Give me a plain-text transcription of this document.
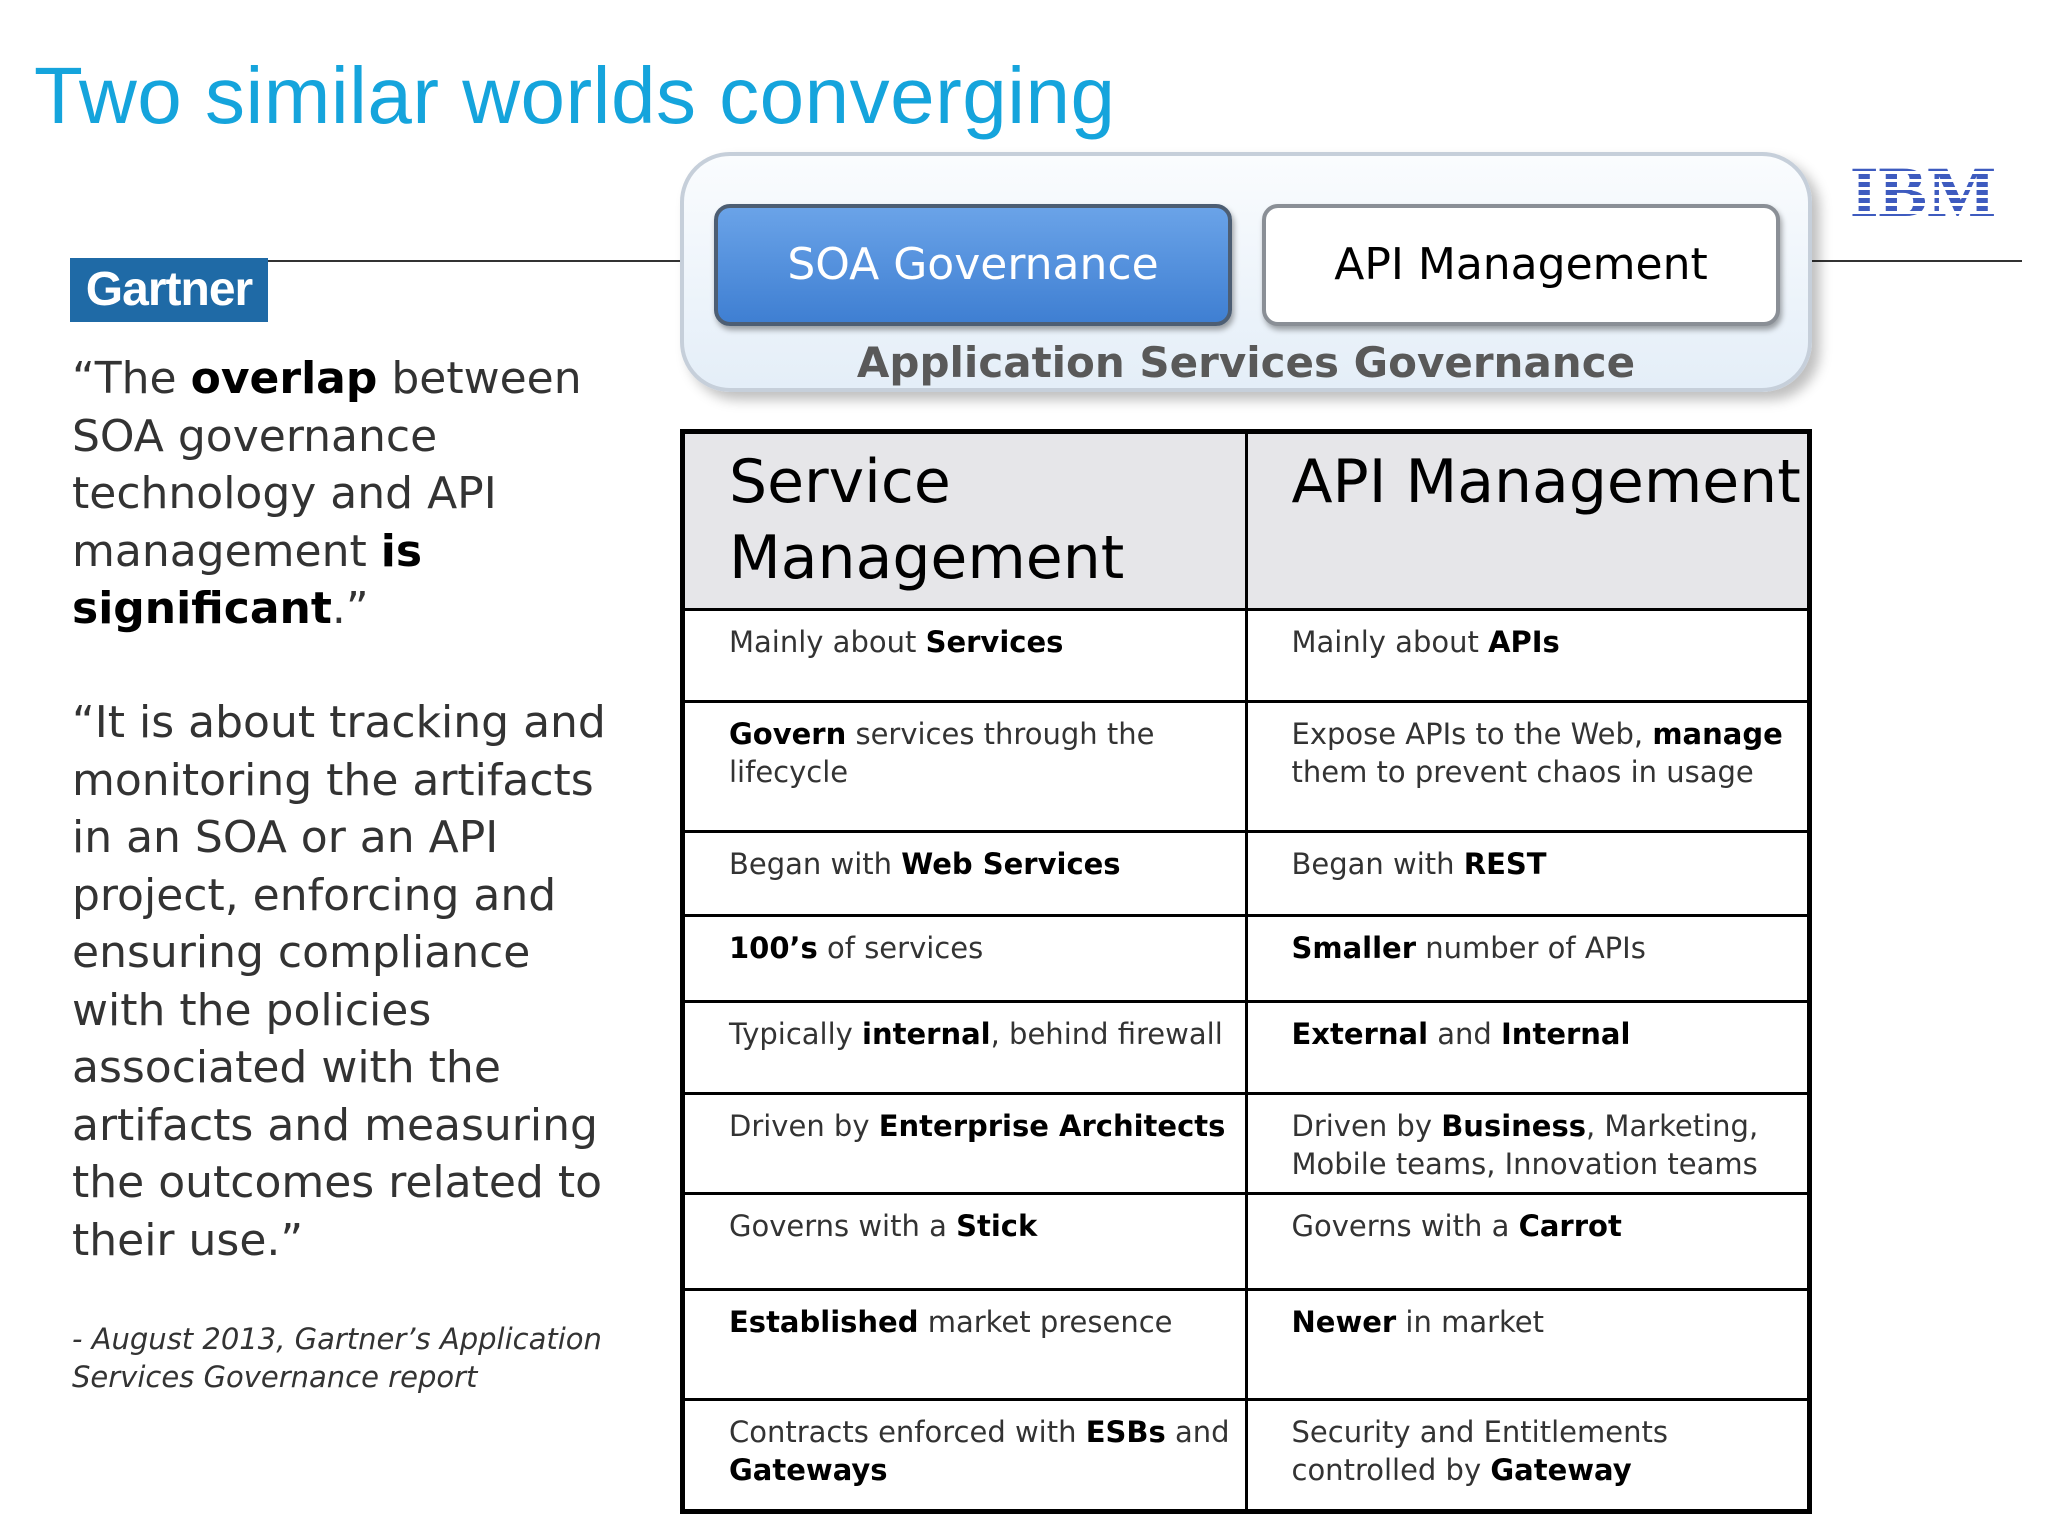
Two similar worlds converging
Gartner
IBM
“The overlap between SOA governance technology and API management is significant.”
“It is about tracking and monitoring the artifacts in an SOA or an API project, enforcing and ensuring compliance with the policies associated with the artifacts and measuring the outcomes related to their use.”
- August 2013, Gartner’s Application Services Governance report
SOA Governance	API Management
Application Services Governance
Service Management	API Management
Mainly about Services	Mainly about APIs
Govern services through the lifecycle	Expose APIs to the Web, manage them to prevent chaos in usage
Began with Web Services	Began with REST
100’s of services	Smaller number of APIs
Typically internal, behind firewall	External and Internal
Driven by Enterprise Architects	Driven by Business, Marketing, Mobile teams, Innovation teams
Governs with a Stick	Governs with a Carrot
Established market presence	Newer in market
Contracts enforced with ESBs and Gateways	Security and Entitlements controlled by Gateway
